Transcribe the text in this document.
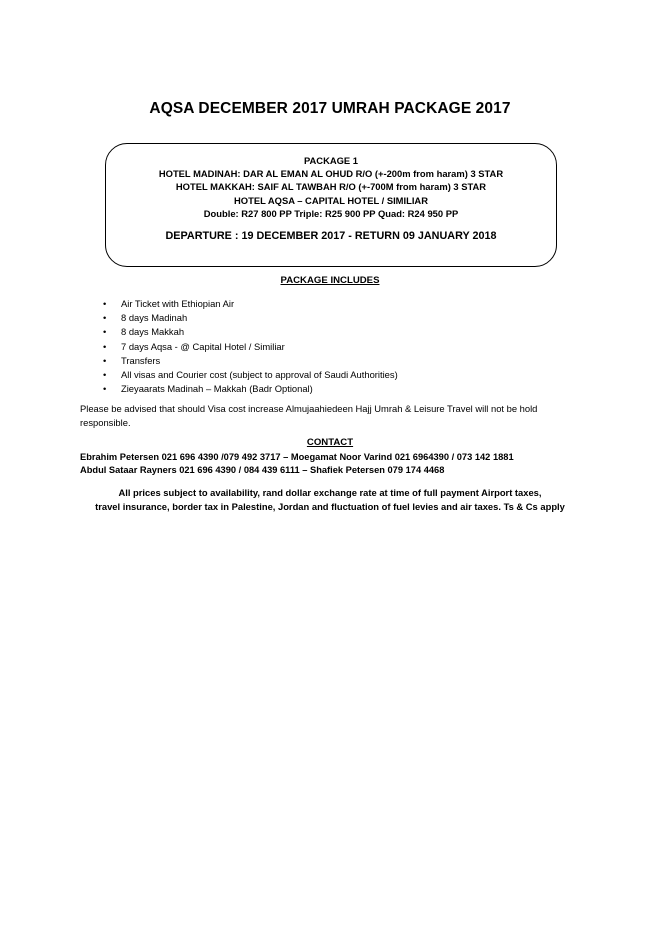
AQSA DECEMBER 2017 UMRAH PACKAGE 2017
PACKAGE 1
HOTEL MADINAH: DAR AL EMAN AL OHUD R/O (+-200m from haram) 3 STAR
HOTEL MAKKAH: SAIF AL TAWBAH R/O (+-700M from haram) 3 STAR
HOTEL AQSA – CAPITAL HOTEL / SIMILIAR
Double: R27 800 PP Triple: R25 900 PP Quad: R24 950 PP
DEPARTURE : 19 DECEMBER 2017 - RETURN 09 JANUARY 2018
PACKAGE INCLUDES
• Air Ticket with Ethiopian Air
• 8 days Madinah
• 8 days Makkah
• 7 days Aqsa - @ Capital Hotel / Similiar
• Transfers
• All visas and Courier cost (subject to approval of Saudi Authorities)
• Zieyaarats Madinah – Makkah (Badr Optional)
Please be advised that should Visa cost increase Almujaahiedeen Hajj Umrah & Leisure Travel will not be hold responsible.
CONTACT
Ebrahim Petersen 021 696 4390 /079 492 3717 – Moegamat Noor Varind 021 6964390 / 073 142 1881
Abdul Sataar Rayners 021 696 4390 / 084 439 6111 – Shafiek Petersen 079 174 4468
All prices subject to availability, rand dollar exchange rate at time of full payment Airport taxes,
travel insurance, border tax in Palestine, Jordan and fluctuation of fuel levies and air taxes. Ts & Cs apply
